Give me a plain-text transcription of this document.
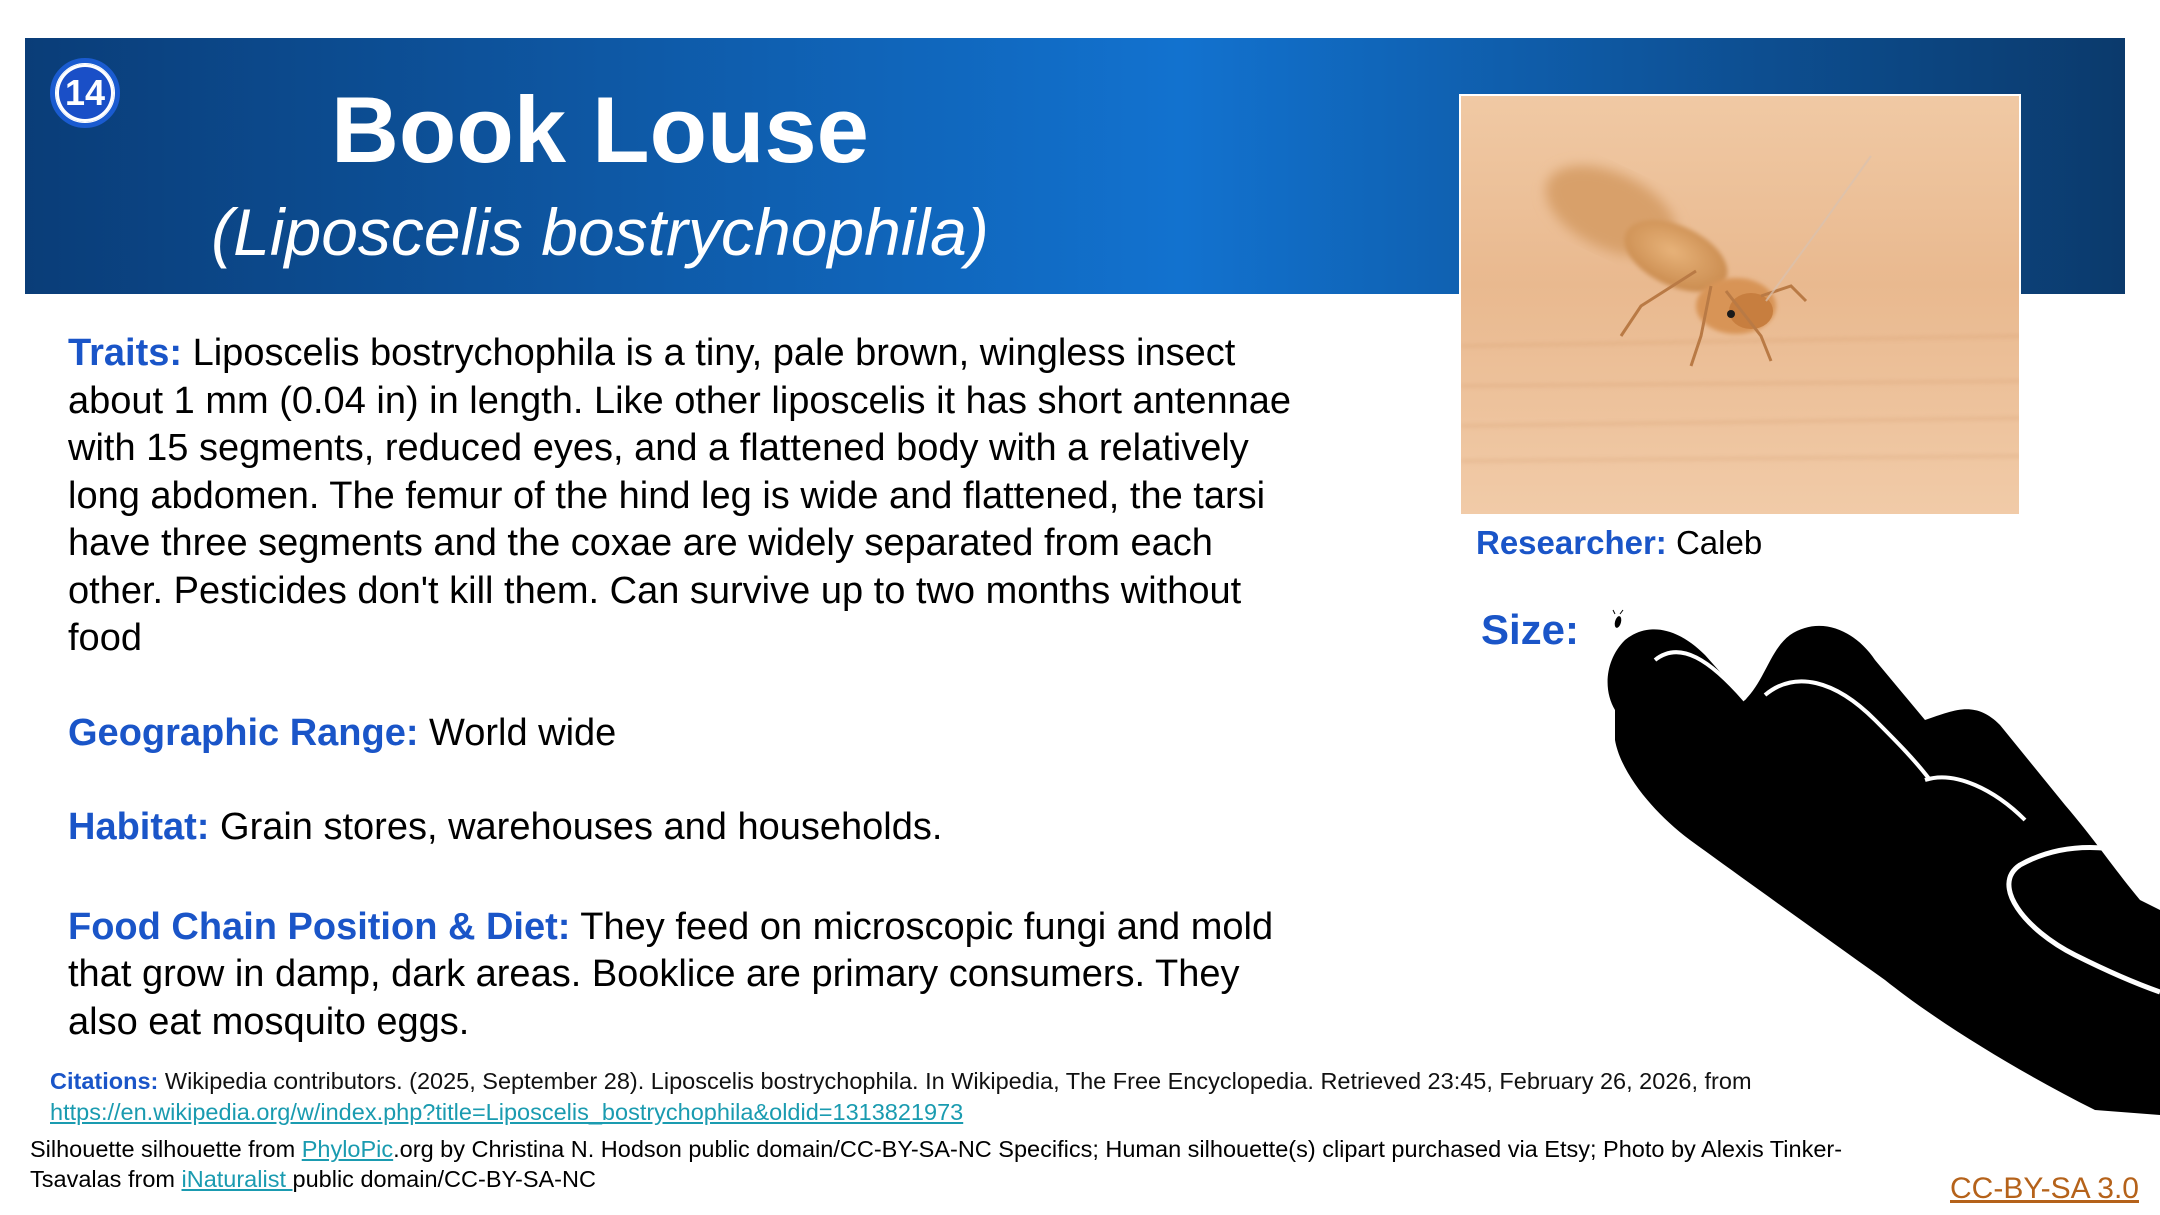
14	Book Louse
(Liposcelis bostrychophila)

Traits: Liposcelis bostrychophila is a tiny, pale brown, wingless insect about 1 mm (0.04 in) in length. Like other liposcelis it has short antennae with 15 segments, reduced eyes, and a flattened body with a relatively long abdomen. The femur of the hind leg is wide and flattened, the tarsi have three segments and the coxae are widely separated from each other. Pesticides don't kill them. Can survive up to two months without food

Geographic Range: World wide

Habitat: Grain stores, warehouses and households.

Food Chain Position & Diet: They feed on microscopic fungi and mold that grow in damp, dark areas. Booklice are primary consumers. They also eat mosquito eggs.

Researcher: Caleb
Size:
Citations: Wikipedia contributors. (2025, September 28). Liposcelis bostrychophila. In Wikipedia, The Free Encyclopedia. Retrieved 23:45, February 26, 2026, from
https://en.wikipedia.org/w/index.php?title=Liposcelis_bostrychophila&oldid=1313821973
Silhouette silhouette from PhyloPic.org by Christina N. Hodson public domain/CC-BY-SA-NC Specifics; Human silhouette(s) clipart purchased via Etsy; Photo by Alexis Tinker-Tsavalas from iNaturalist public domain/CC-BY-SA-NC	CC-BY-SA 3.0
